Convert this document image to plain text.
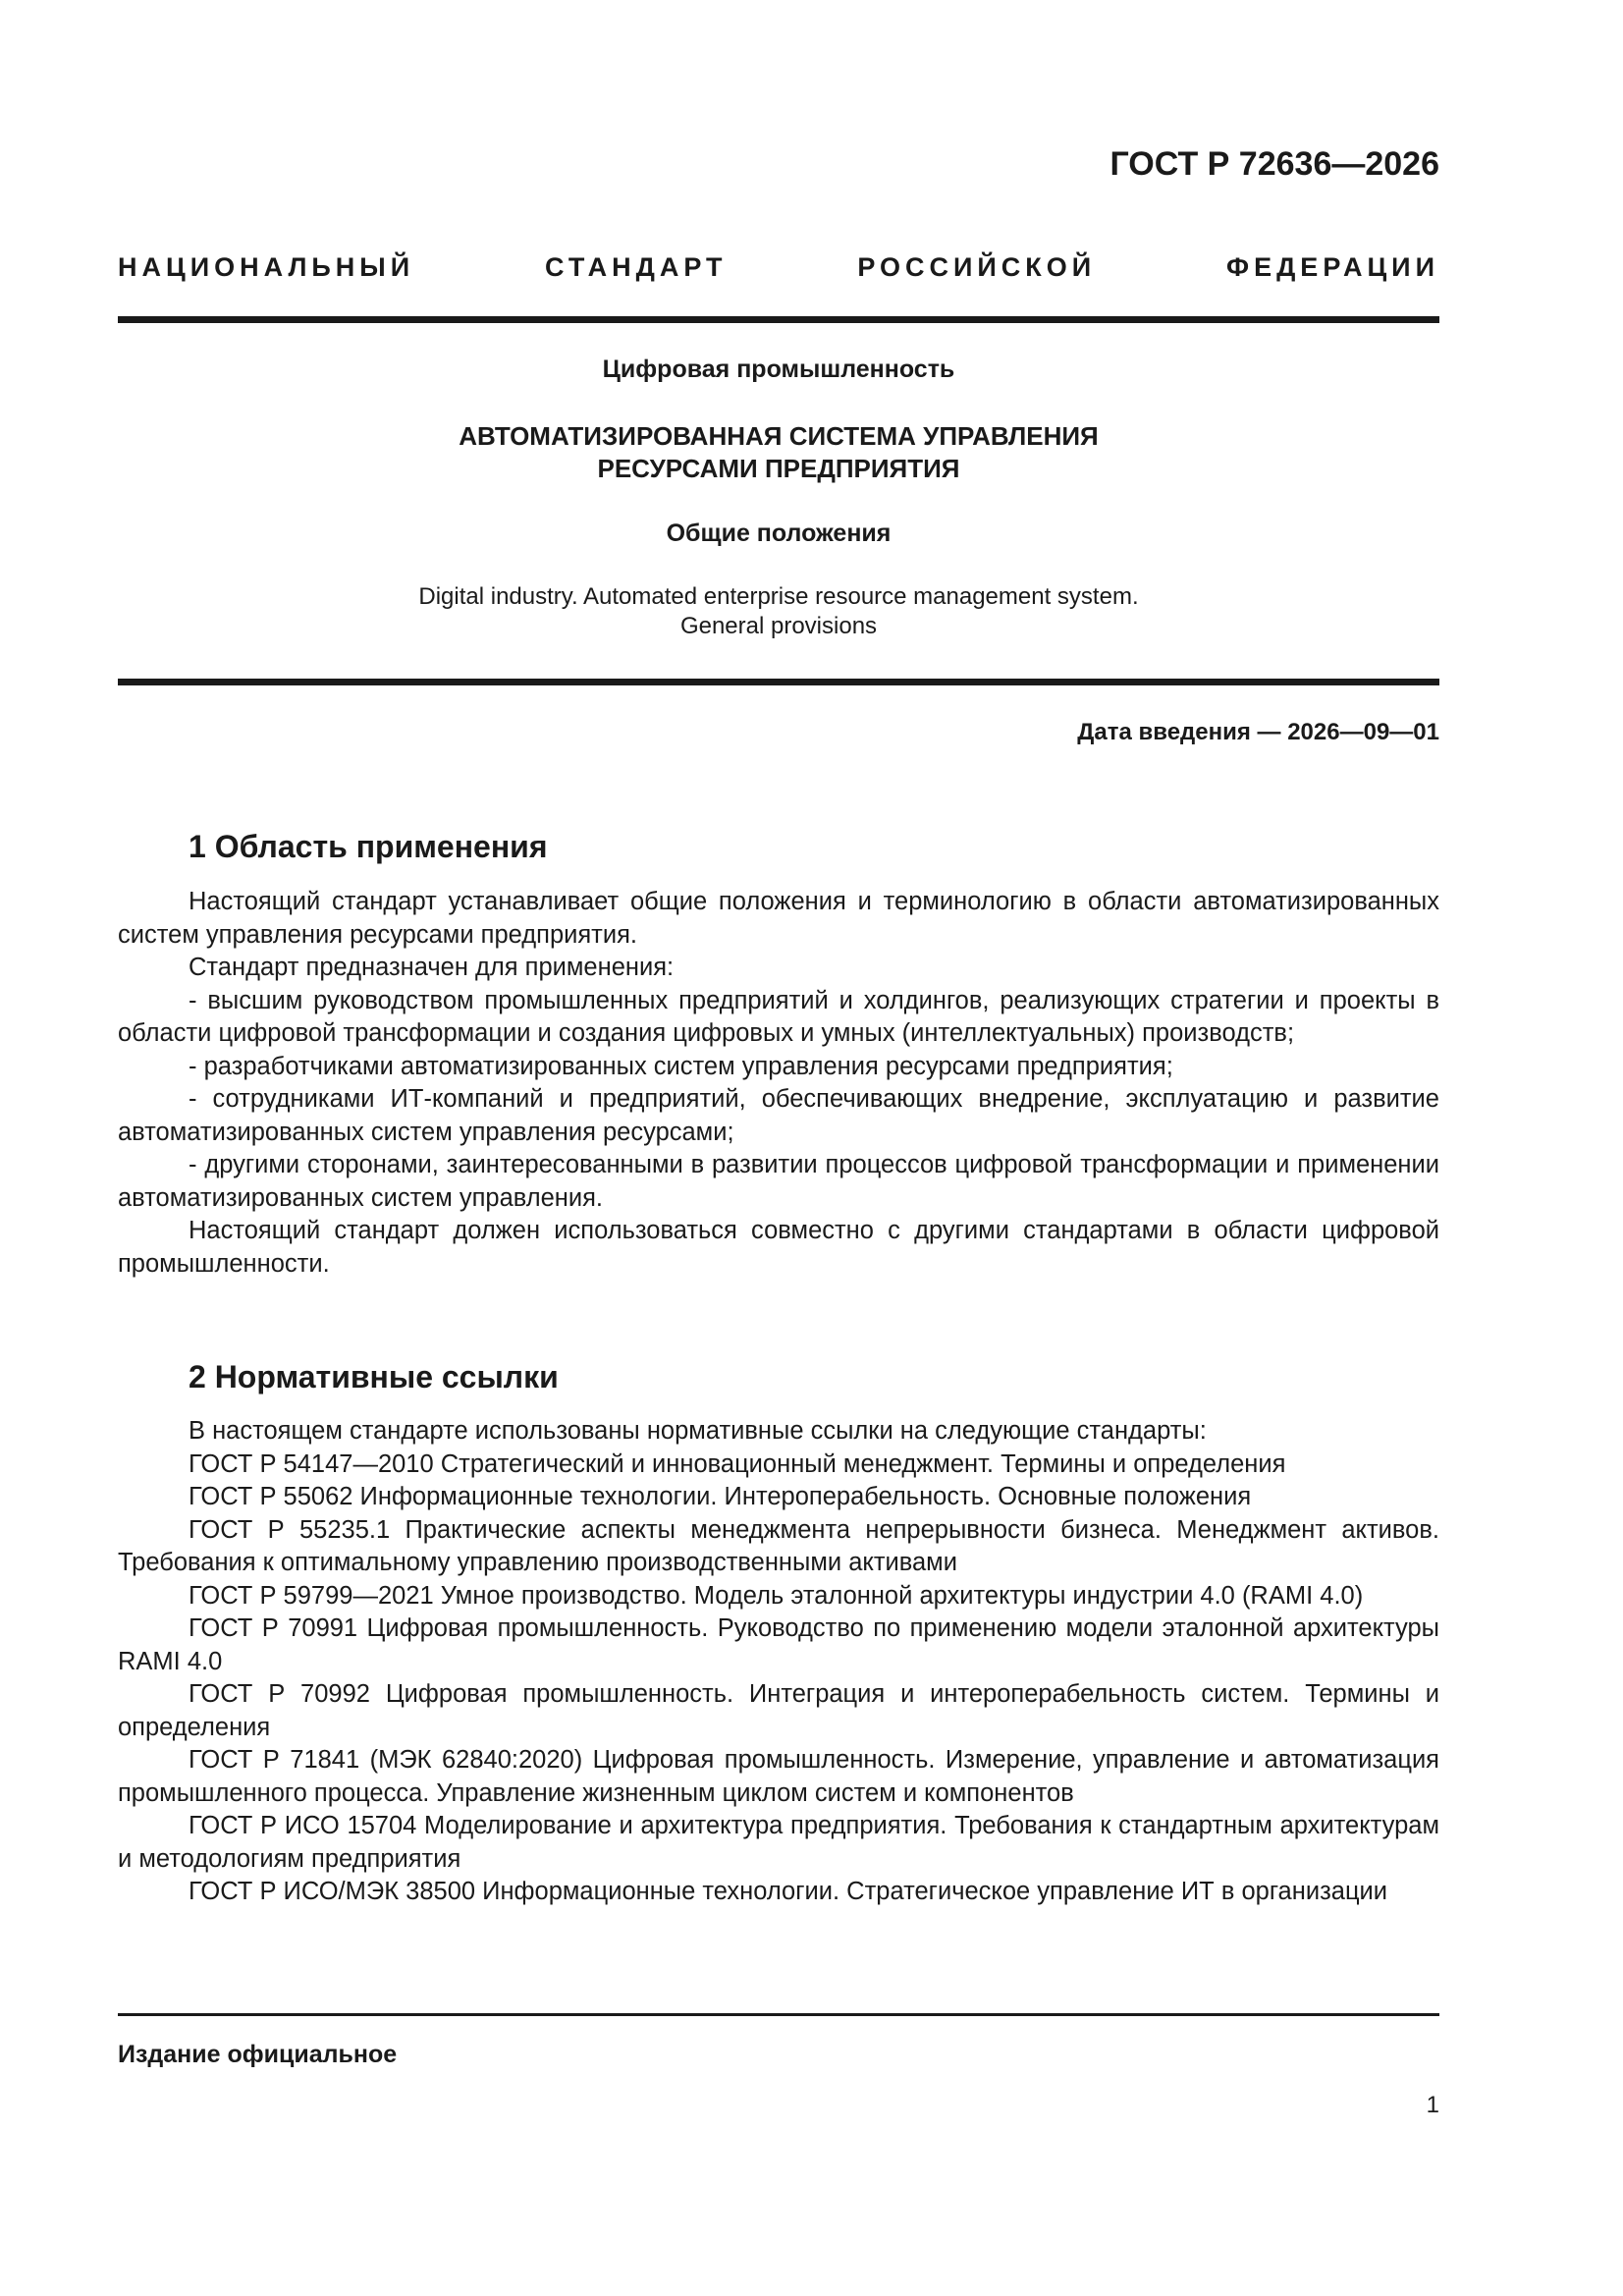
ГОСТ Р 72636—2026

НАЦИОНАЛЬНЫЙ СТАНДАРТ РОССИЙСКОЙ ФЕДЕРАЦИИ

Цифровая промышленность

АВТОМАТИЗИРОВАННАЯ СИСТЕМА УПРАВЛЕНИЯ
РЕСУРСАМИ ПРЕДПРИЯТИЯ

Общие положения

Digital industry. Automated enterprise resource management system.
General provisions

Дата введения — 2026—09—01

1 Область применения

Настоящий стандарт устанавливает общие положения и терминологию в области автоматизированных систем управления ресурсами предприятия.

Стандарт предназначен для применения:

- высшим руководством промышленных предприятий и холдингов, реализующих стратегии и проекты в области цифровой трансформации и создания цифровых и умных (интеллектуальных) производств;

- разработчиками автоматизированных систем управления ресурсами предприятия;

- сотрудниками ИТ-компаний и предприятий, обеспечивающих внедрение, эксплуатацию и развитие автоматизированных систем управления ресурсами;

- другими сторонами, заинтересованными в развитии процессов цифровой трансформации и применении автоматизированных систем управления.

Настоящий стандарт должен использоваться совместно с другими стандартами в области цифровой промышленности.

2 Нормативные ссылки

В настоящем стандарте использованы нормативные ссылки на следующие стандарты:

ГОСТ Р 54147—2010 Стратегический и инновационный менеджмент. Термины и определения

ГОСТ Р 55062 Информационные технологии. Интероперабельность. Основные положения

ГОСТ Р 55235.1 Практические аспекты менеджмента непрерывности бизнеса. Менеджмент активов. Требования к оптимальному управлению производственными активами

ГОСТ Р 59799—2021 Умное производство. Модель эталонной архитектуры индустрии 4.0 (RAMI 4.0)

ГОСТ Р 70991 Цифровая промышленность. Руководство по применению модели эталонной архитектуры RAMI 4.0

ГОСТ Р 70992 Цифровая промышленность. Интеграция и интероперабельность систем. Термины и определения

ГОСТ Р 71841 (МЭК 62840:2020) Цифровая промышленность. Измерение, управление и автоматизация промышленного процесса. Управление жизненным циклом систем и компонентов

ГОСТ Р ИСО 15704 Моделирование и архитектура предприятия. Требования к стандартным архитектурам и методологиям предприятия

ГОСТ Р ИСО/МЭК 38500 Информационные технологии. Стратегическое управление ИТ в организации

Издание официальное

1
